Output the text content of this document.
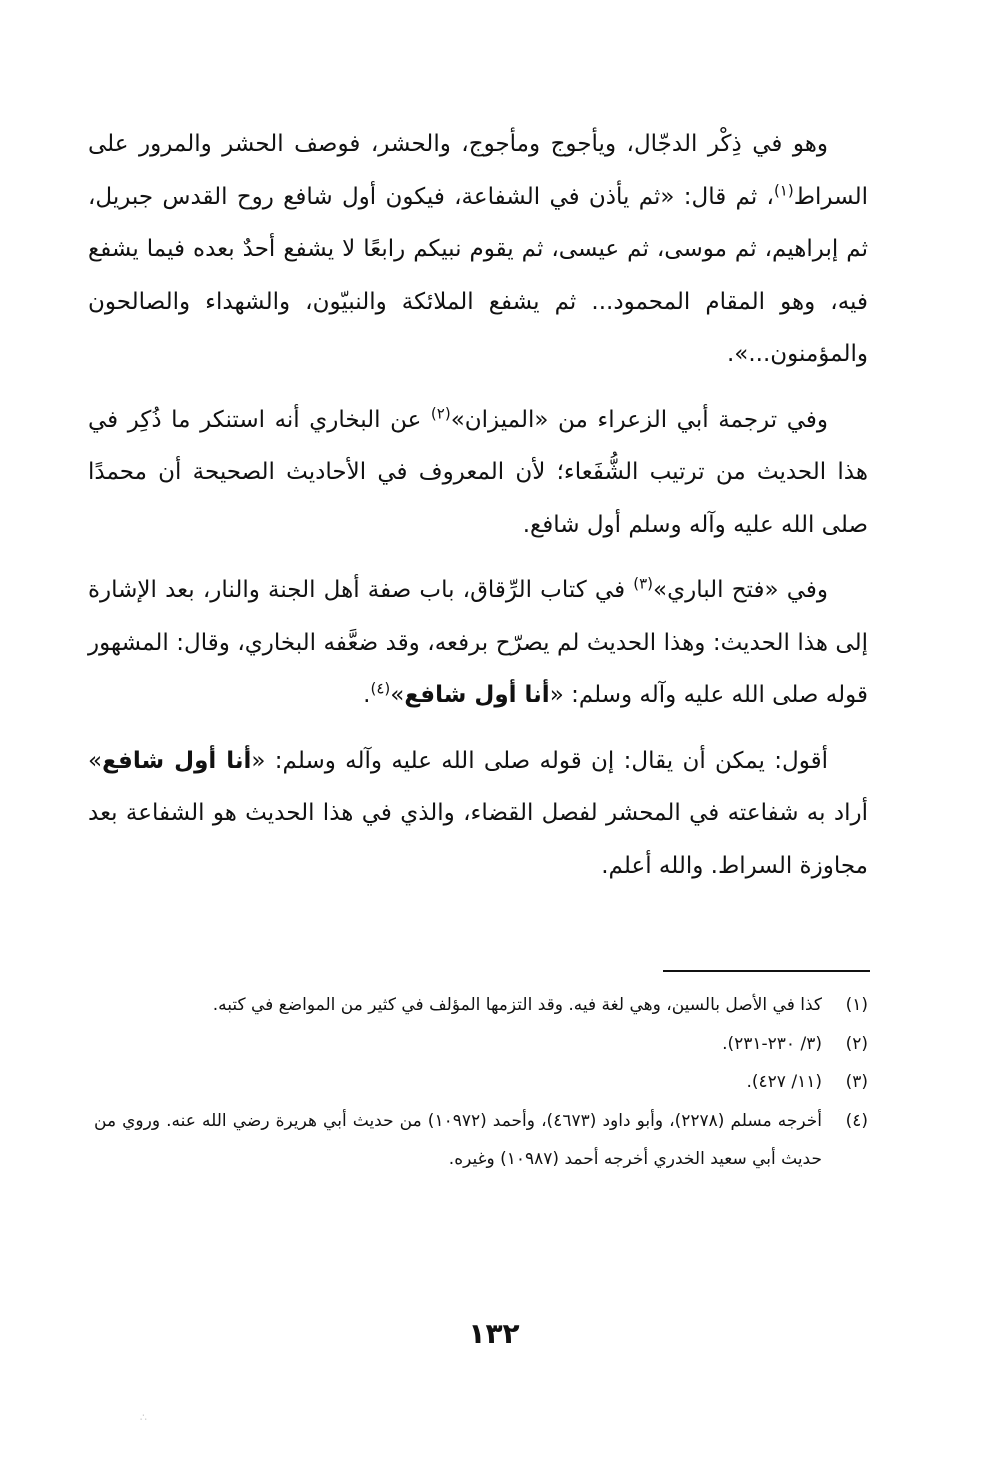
وهو في ذِكْر الدجّال، ويأجوج ومأجوج، والحشر، فوصف الحشر والمرور على السراط$^{(١)}$، ثم قال: «ثم يأذن في الشفاعة، فيكون أول شافع روح القدس جبريل، ثم إبراهيم، ثم موسى، ثم عيسى، ثم يقوم نبيكم رابعًا لا يشفع أحدٌ بعده فيما يشفع فيه، وهو المقام المحمود... ثم يشفع الملائكة والنبيّون، والشهداء والصالحون والمؤمنون...».

وفي ترجمة أبي الزعراء من «الميزان»$^{(٢)}$ عن البخاري أنه استنكر ما ذُكِر في هذا الحديث من ترتيب الشُّفَعاء؛ لأن المعروف في الأحاديث الصحيحة أن محمدًا صلى الله عليه وآله وسلم أول شافع.

وفي «فتح الباري»$^{(٣)}$ في كتاب الرِّقاق، باب صفة أهل الجنة والنار، بعد الإشارة إلى هذا الحديث: وهذا الحديث لم يصرّح برفعه، وقد ضعَّفه البخاري، وقال: المشهور قوله صلى الله عليه وآله وسلم: «أنا أول شافع»$^{(٤)}$.

أقول: يمكن أن يقال: إن قوله صلى الله عليه وآله وسلم: «أنا أول شافع» أراد به شفاعته في المحشر لفصل القضاء، والذي في هذا الحديث هو الشفاعة بعد مجاوزة السراط. والله أعلم.

(١)
كذا في الأصل بالسين، وهي لغة فيه. وقد التزمها المؤلف في كثير من المواضع في كتبه.
(٢)
(٣/ ٢٣٠-٢٣١).
(٣)
(١١/ ٤٢٧).
(٤)
أخرجه مسلم (٢٢٧٨)، وأبو داود (٤٦٧٣)، وأحمد (١٠٩٧٢) من حديث أبي هريرة رضي الله عنه. وروي من حديث أبي سعيد الخدري أخرجه أحمد (١٠٩٨٧) وغيره.
١٣٢
∴
